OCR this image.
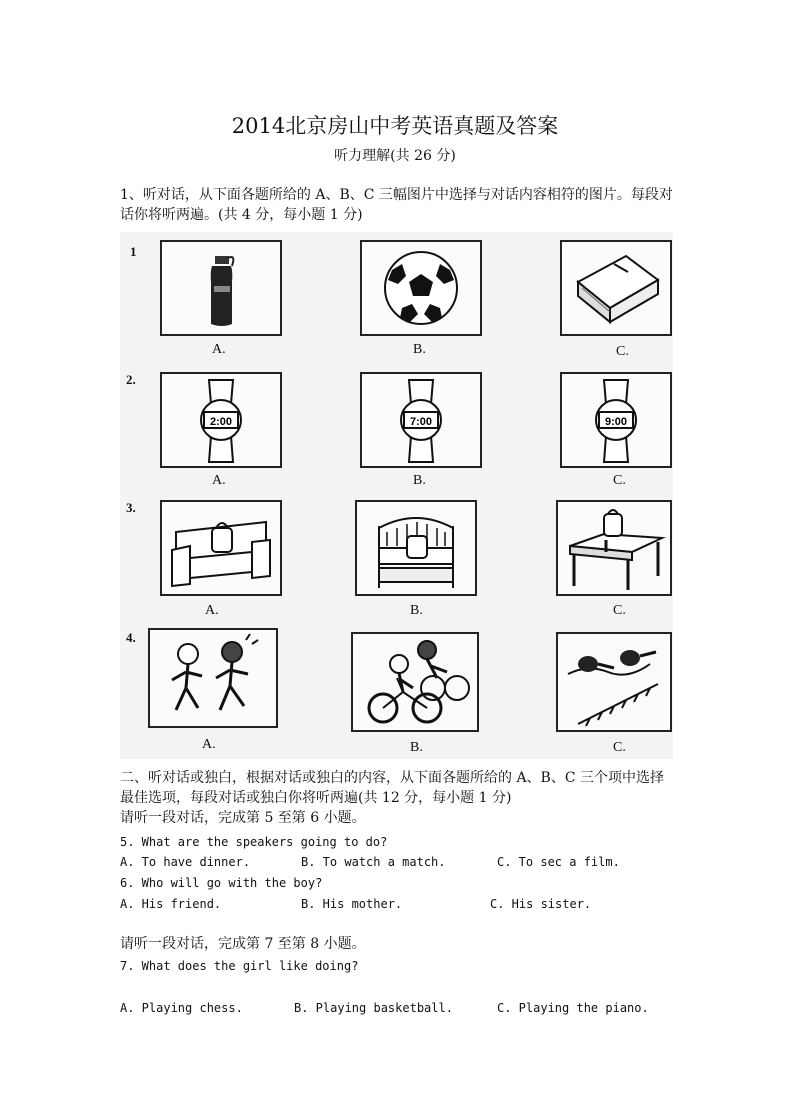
2014北京房山中考英语真题及答案
听力理解(共 26 分)
1、听对话，从下面各题所给的 A、B、C 三幅图片中选择与对话内容相符的图片。每段对
话你将听两遍。(共 4 分，每小题 1 分)
1
2.
3.
4.
A.	B.	C.
2:00
A.
7:00
B.
9:00
C.
A.	B.	C.
A.	B.	C.
二、听对话或独白，根据对话或独白的内容，从下面各题所给的 A、B、C 三个项中选择
最佳选项，每段对话或独白你将听两遍(共 12 分，每小题 1 分)
请听一段对话，完成第 5 至第 6 小题。
5. What are the speakers going to do?
A. To have dinner.	B. To watch a match.	C. To sec a film.
6. Who will go with the boy?
A. His friend.	B. His mother.	C. His sister.
请听一段对话，完成第 7 至第 8 小题。
7. What does the girl like doing?
A. Playing chess.	B. Playing basketball.	C. Playing the piano.
